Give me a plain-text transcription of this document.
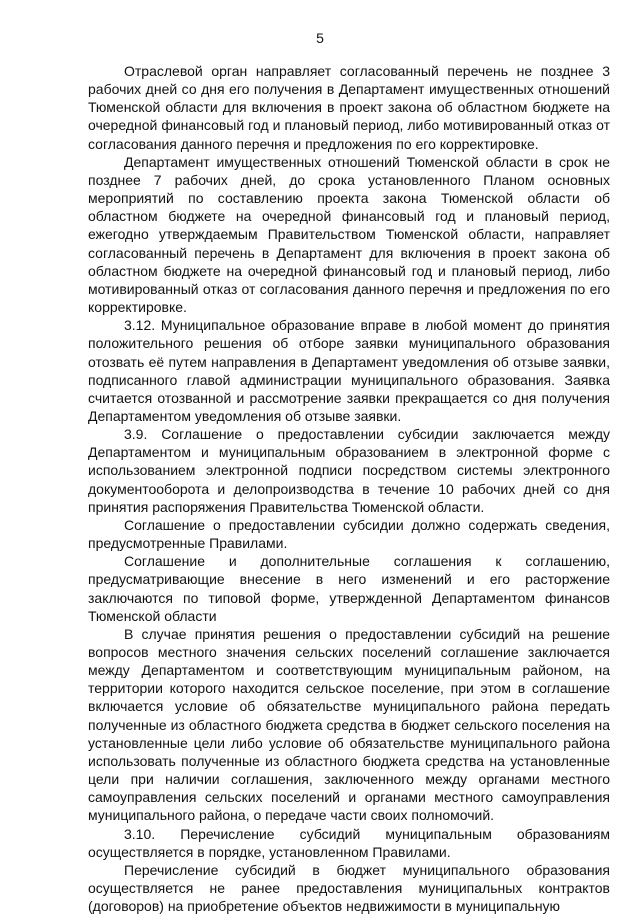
5

Отраслевой орган направляет согласованный перечень не позднее 3 рабочих дней со дня его получения в Департамент имущественных отношений Тюменской области для включения в проект закона об областном бюджете на очередной финансовый год и плановый период, либо мотивированный отказ от согласования данного перечня и предложения по его корректировке.

Департамент имущественных отношений Тюменской области в срок не позднее 7 рабочих дней, до срока установленного Планом основных мероприятий по составлению проекта закона Тюменской области об областном бюджете на очередной финансовый год и плановый период, ежегодно утверждаемым Правительством Тюменской области, направляет согласованный перечень в Департамент для включения в проект закона об областном бюджете на очередной финансовый год и плановый период, либо мотивированный отказ от согласования данного перечня и предложения по его корректировке.

3.12. Муниципальное образование вправе в любой момент до принятия положительного решения об отборе заявки муниципального образования отозвать её путем направления в Департамент уведомления об отзыве заявки, подписанного главой администрации муниципального образования. Заявка считается отозванной и рассмотрение заявки прекращается со дня получения Департаментом уведомления об отзыве заявки.

3.9. Соглашение о предоставлении субсидии заключается между Департаментом и муниципальным образованием в электронной форме с использованием электронной подписи посредством системы электронного документооборота и делопроизводства в течение 10 рабочих дней со дня принятия распоряжения Правительства Тюменской области.

Соглашение о предоставлении субсидии должно содержать сведения, предусмотренные Правилами.

Соглашение и дополнительные соглашения к соглашению, предусматривающие внесение в него изменений и его расторжение заключаются по типовой форме, утвержденной Департаментом финансов Тюменской области

В случае принятия решения о предоставлении субсидий на решение вопросов местного значения сельских поселений соглашение заключается между Департаментом и соответствующим муниципальным районом, на территории которого находится сельское поселение, при этом в соглашение включается условие об обязательстве муниципального района передать полученные из областного бюджета средства в бюджет сельского поселения на установленные цели либо условие об обязательстве муниципального района использовать полученные из областного бюджета средства на установленные цели при наличии соглашения, заключенного между органами местного самоуправления сельских поселений и органами местного самоуправления муниципального района, о передаче части своих полномочий.

3.10. Перечисление субсидий муниципальным образованиям осуществляется в порядке, установленном Правилами.

Перечисление субсидий в бюджет муниципального образования осуществляется не ранее предоставления муниципальных контрактов (договоров) на приобретение объектов недвижимости в муниципальную
